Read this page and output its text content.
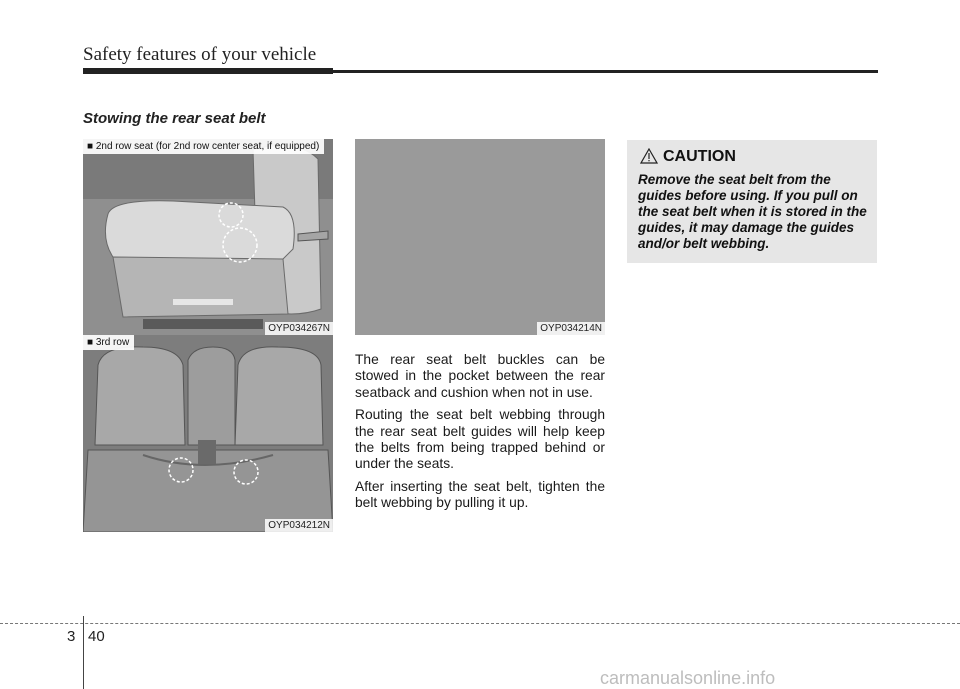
Safety features of your vehicle
Stowing the rear seat belt
■ 2nd row seat (for 2nd row center seat, if equipped)
OYP034267N
■ 3rd row
OYP034212N
OYP034214N

The rear seat belt buckles can be stowed in the pocket between the rear seatback and cushion when not in use.

Routing the seat belt webbing through the rear seat belt guides will help keep the belts from being trapped behind or under the seats.

After inserting the seat belt, tighten the belt webbing by pulling it up.

CAUTION
Remove the seat belt from the guides before using. If you pull on the seat belt when it is stored in the guides, it may damage the guides and/or belt webbing.
3 40
carmanualsonline.info
